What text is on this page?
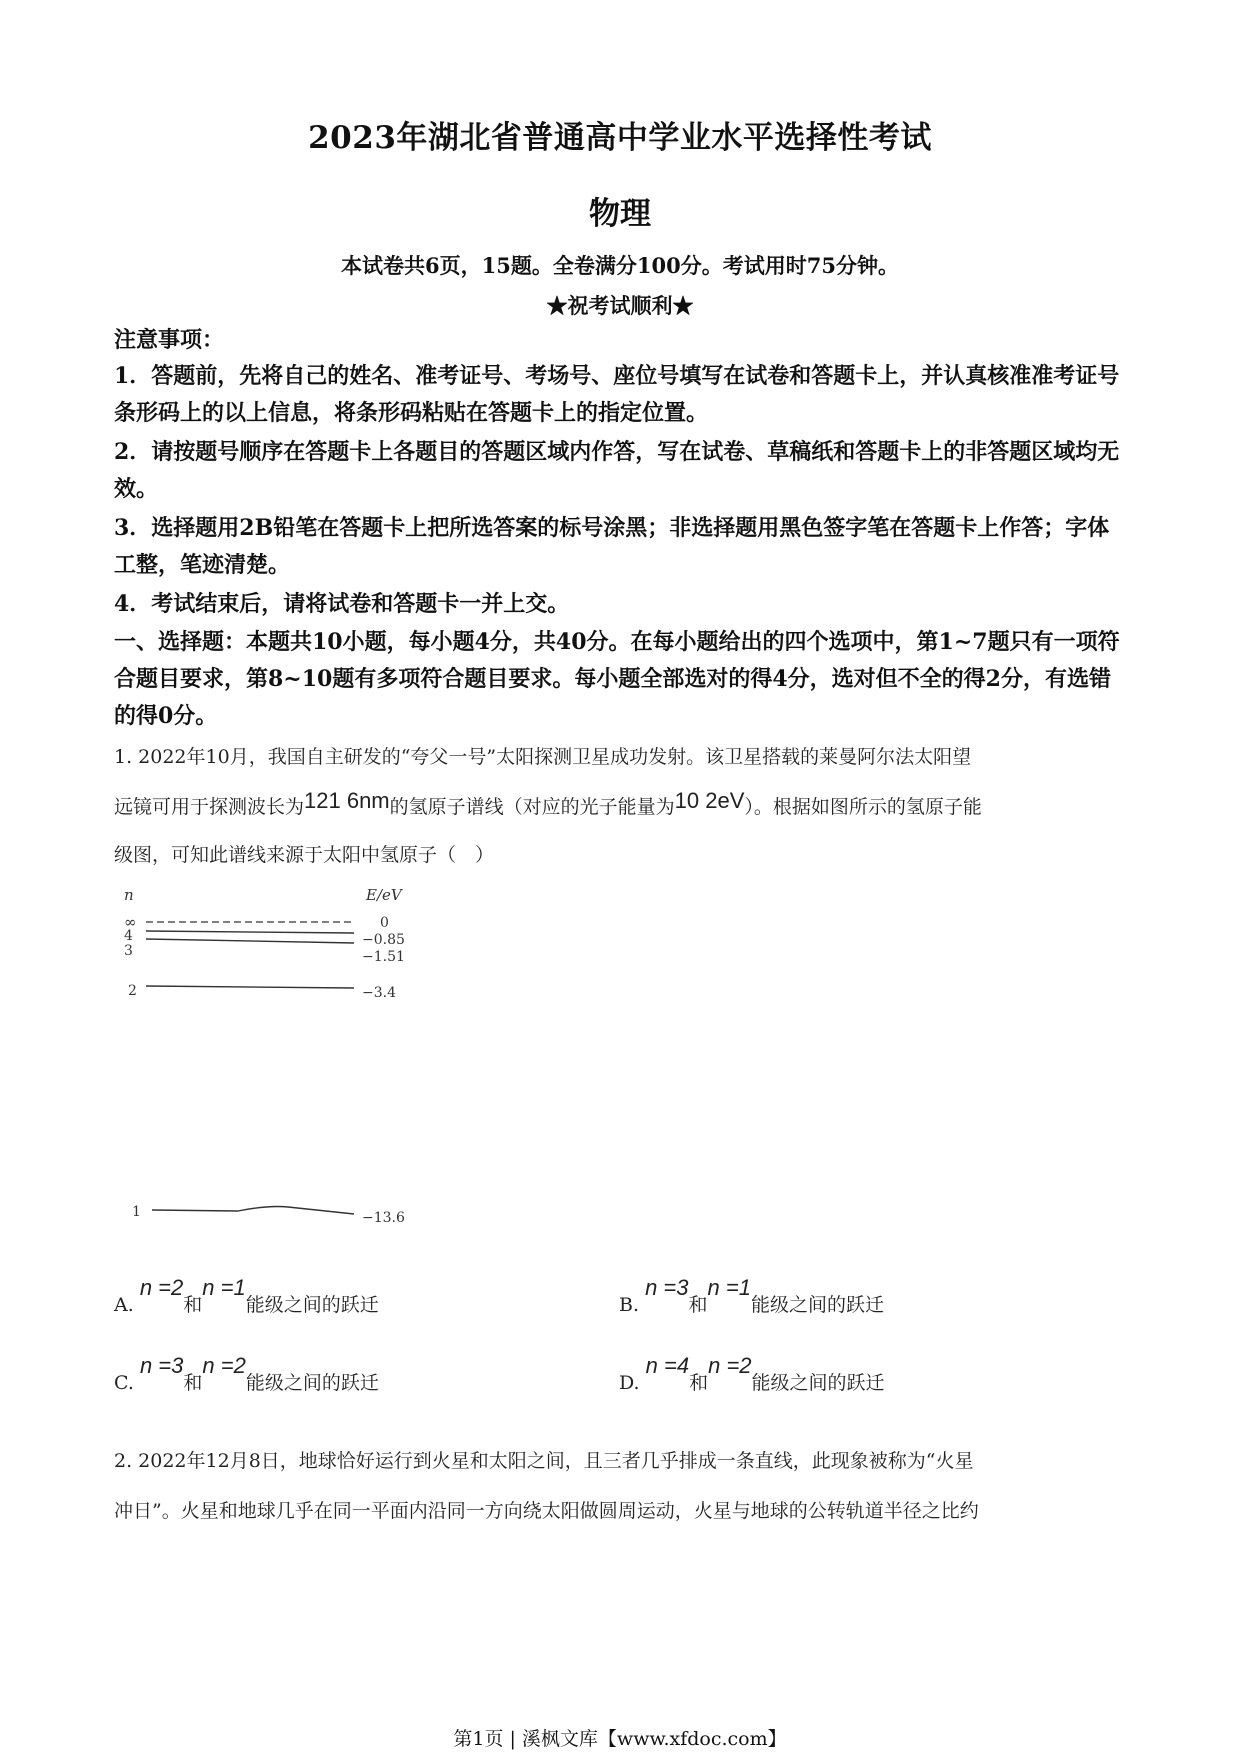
2023年湖北省普通高中学业水平选择性考试
物理
本试卷共6页，15题。全卷满分100分。考试用时75分钟。
★祝考试顺利★
注意事项：
1．答题前，先将自己的姓名、准考证号、考场号、座位号填写在试卷和答题卡上，并认真核准准考证号条形码上的以上信息，将条形码粘贴在答题卡上的指定位置。
2．请按题号顺序在答题卡上各题目的答题区域内作答，写在试卷、草稿纸和答题卡上的非答题区域均无效。
3．选择题用2B铅笔在答题卡上把所选答案的标号涂黑；非选择题用黑色签字笔在答题卡上作答；字体工整，笔迹清楚。
4．考试结束后，请将试卷和答题卡一并上交。
一、选择题：本题共10小题，每小题4分，共40分。在每小题给出的四个选项中，第1~7题只有一项符合题目要求，第8~10题有多项符合题目要求。每小题全部选对的得4分，选对但不全的得2分，有选错的得0分。
1. 2022年10月，我国自主研发的“夸父一号”太阳探测卫星成功发射。该卫星搭载的莱曼阿尔法太阳望
远镜可用于探测波长为121 6nm的氢原子谱线（对应的光子能量为10 2eV）。根据如图所示的氢原子能
级图，可知此谱线来源于太阳中氢原子（　）
n	E/eV
∞
4
3
2
1
0
−0.85
−1.51
−3.4
−13.6
A. n =2和n =1能级之间的跃迁	B. n =3和n =1能级之间的跃迁
C. n =3和n =2能级之间的跃迁	D. n =4和n =2能级之间的跃迁
2. 2022年12月8日，地球恰好运行到火星和太阳之间，且三者几乎排成一条直线，此现象被称为“火星
冲日”。火星和地球几乎在同一平面内沿同一方向绕太阳做圆周运动，火星与地球的公转轨道半径之比约
第1页 | 溪枫文库【www.xfdoc.com】
